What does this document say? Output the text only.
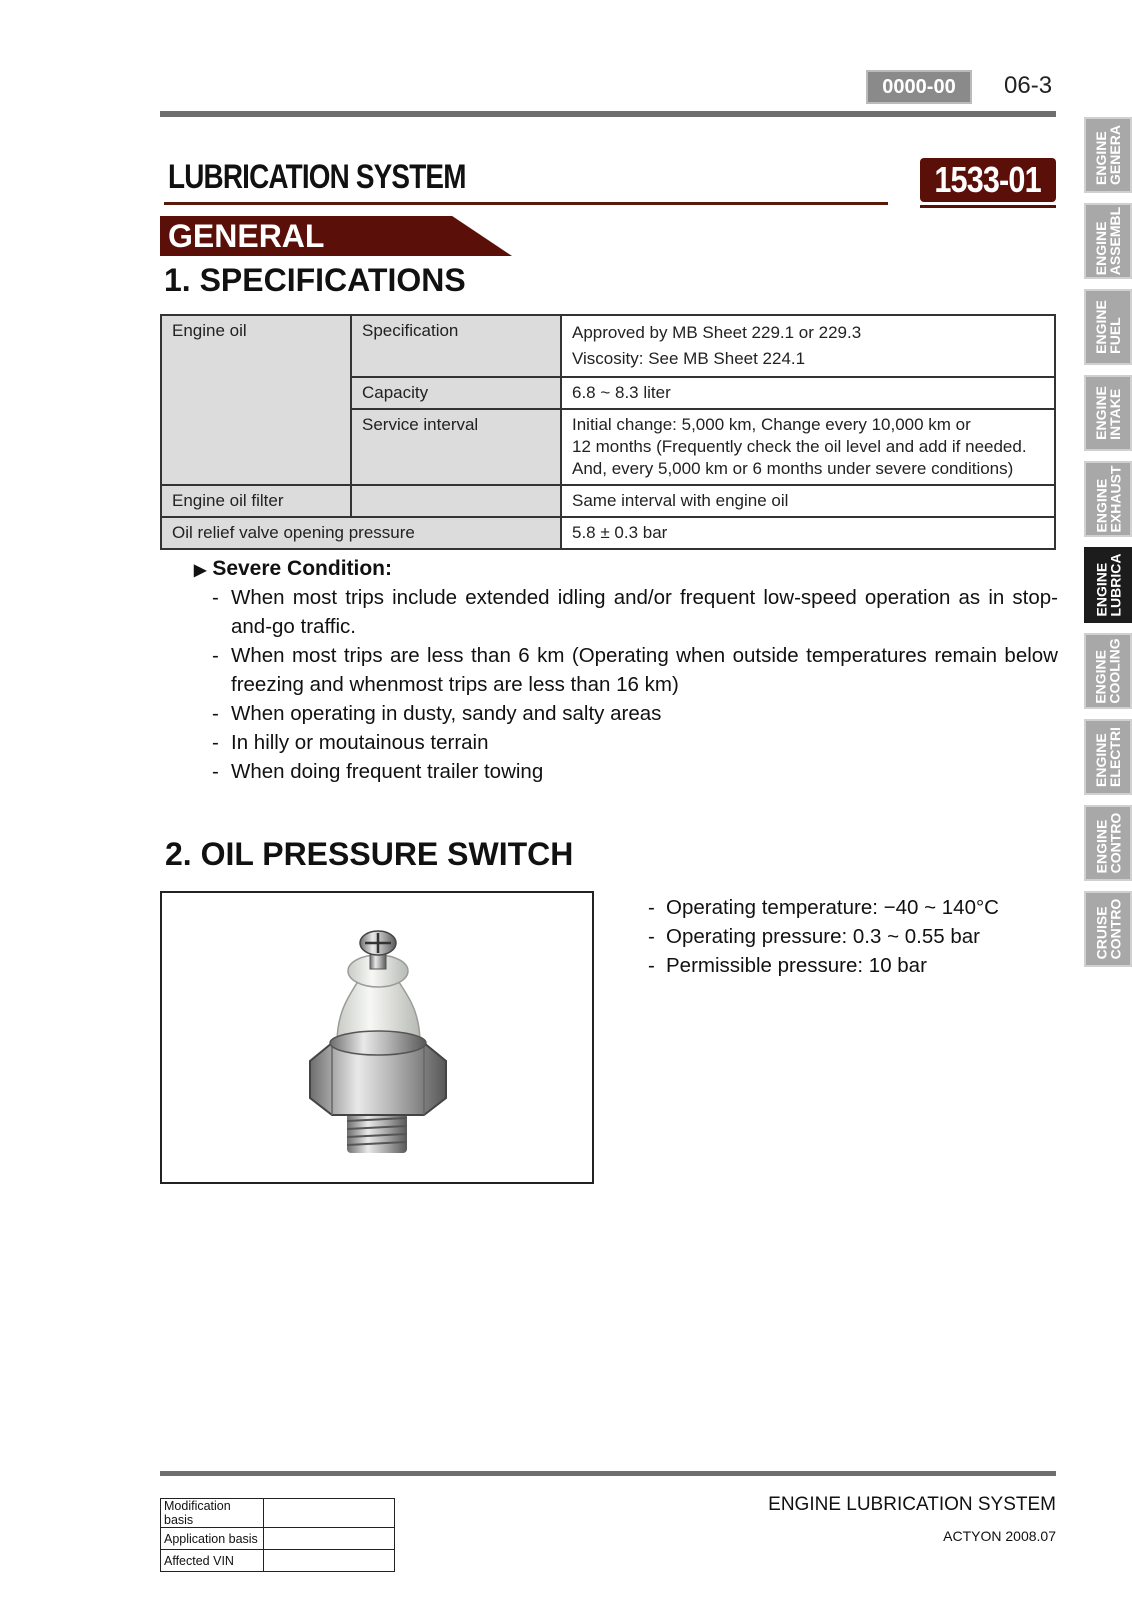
0000-00	06-3
LUBRICATION SYSTEM	1533-01
GENERAL
1. SPECIFICATIONS
Engine oil	Specification	Approved by MB Sheet 229.1 or 229.3
Viscosity: See MB Sheet 224.1

	Capacity	6.8 ~ 8.3 liter
	Service interval	Initial change: 5,000 km, Change every 10,000 km or
12 months (Frequently check the oil level and add if needed.
And, every 5,000 km or 6 months under severe conditions)

Engine oil filter		Same interval with engine oil
Oil relief valve opening pressure		5.8 ± 0.3 bar
▶ Severe Condition:
- When most trips include extended idling and/or frequent low-speed operation as in stop-and-go traffic.
- When most trips are less than 6 km (Operating when outside temperatures remain below freezing and whenmost trips are less than 16 km)
- When operating in dusty, sandy and salty areas
- In hilly or moutainous terrain
- When doing frequent trailer towing
2. OIL PRESSURE SWITCH
- Operating temperature: −40 ~ 140°C
- Operating pressure: 0.3 ~ 0.55 bar
- Permissible pressure: 10 bar
ENGINE
GENERA
ENGINE
ASSEMBL
ENGINE
FUEL
ENGINE
INTAKE
ENGINE
EXHAUST
ENGINE
LUBRICA
ENGINE
COOLING
ENGINE
ELECTRI
ENGINE
CONTRO
CRUISE
CONTRO
ENGINE LUBRICATION SYSTEM
ACTYON 2008.07
Modification basis	
Application basis	
Affected VIN	
